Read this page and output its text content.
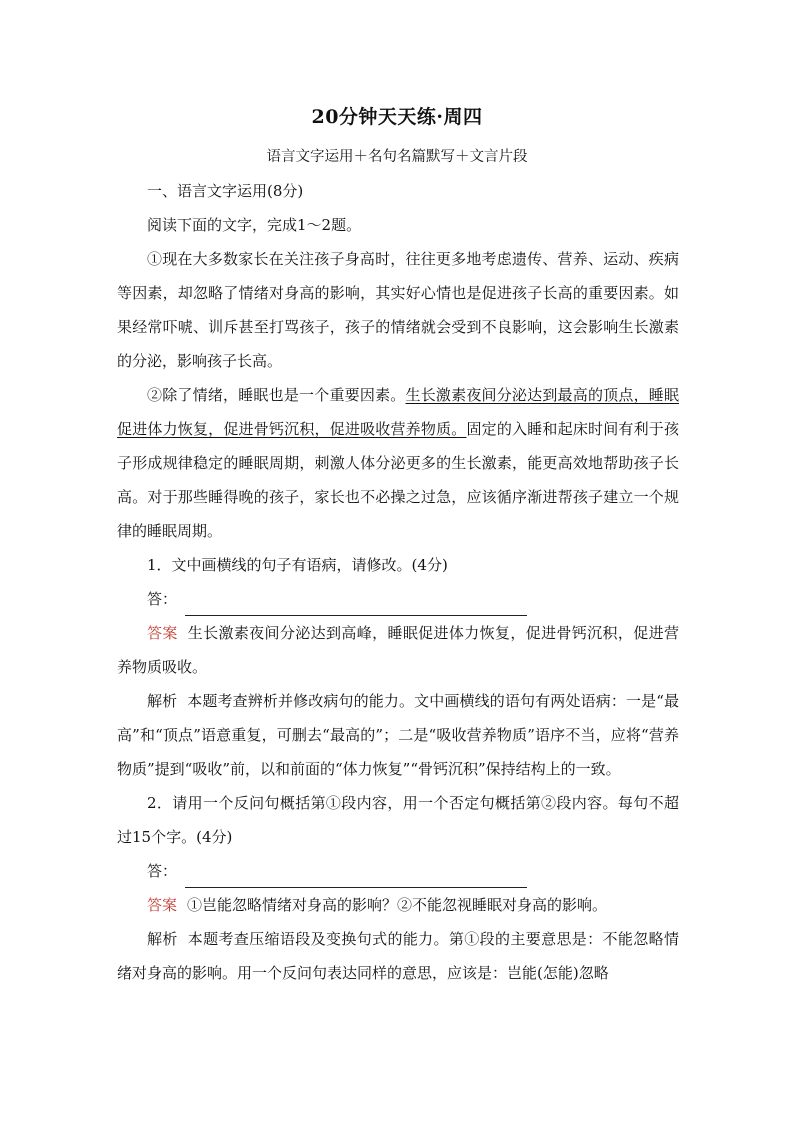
20分钟天天练·周四
语言文字运用＋名句名篇默写＋文言片段

一、语言文字运用(8分)

阅读下面的文字，完成1～2题。

①现在大多数家长在关注孩子身高时，往往更多地考虑遗传、营养、运动、疾病等因素，却忽略了情绪对身高的影响，其实好心情也是促进孩子长高的重要因素。如果经常吓唬、训斥甚至打骂孩子，孩子的情绪就会受到不良影响，这会影响生长激素的分泌，影响孩子长高。

②除了情绪，睡眠也是一个重要因素。生长激素夜间分泌达到最高的顶点，睡眠促进体力恢复，促进骨钙沉积，促进吸收营养物质。固定的入睡和起床时间有利于孩子形成规律稳定的睡眠周期，刺激人体分泌更多的生长激素，能更高效地帮助孩子长高。对于那些睡得晚的孩子，家长也不必操之过急，应该循序渐进帮孩子建立一个规律的睡眠周期。

1．文中画横线的句子有语病，请修改。(4分)

答：

答案 生长激素夜间分泌达到高峰，睡眠促进体力恢复，促进骨钙沉积，促进营养物质吸收。

解析 本题考查辨析并修改病句的能力。文中画横线的语句有两处语病：一是“最高”和“顶点”语意重复，可删去“最高的”；二是“吸收营养物质”语序不当，应将“营养物质”提到“吸收”前，以和前面的“体力恢复”“骨钙沉积”保持结构上的一致。

2．请用一个反问句概括第①段内容，用一个否定句概括第②段内容。每句不超过15个字。(4分)

答：

答案 ①岂能忽略情绪对身高的影响？②不能忽视睡眠对身高的影响。

解析 本题考查压缩语段及变换句式的能力。第①段的主要意思是：不能忽略情绪对身高的影响。用一个反问句表达同样的意思，应该是：岂能(怎能)忽略
